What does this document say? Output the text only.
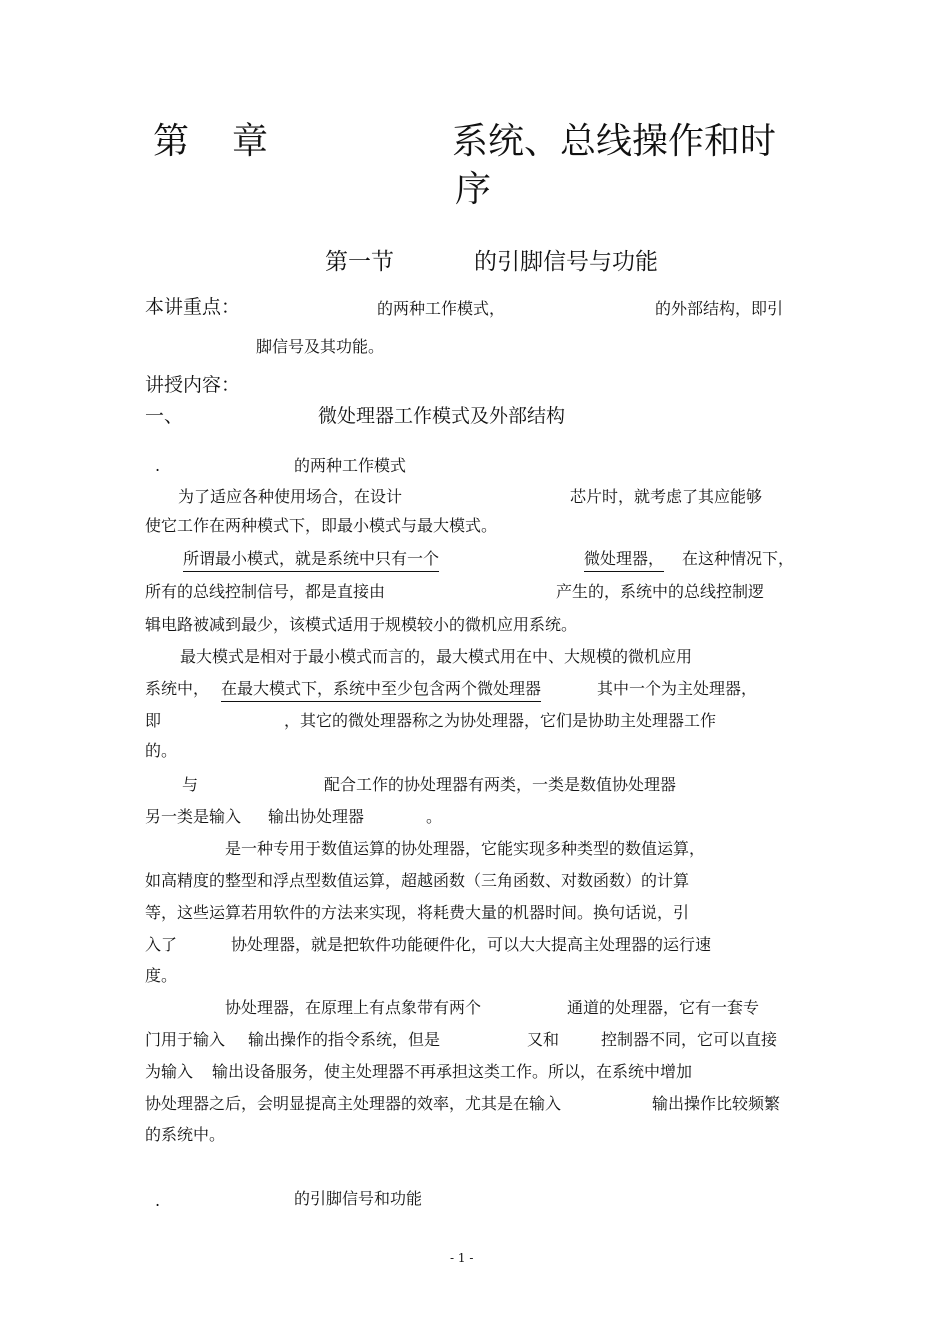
第 章	系统、总线操作和时
序
第一节	的引脚信号与功能
本讲重点：	的两种工作模式，	的外部结构，即引
脚信号及其功能。
讲授内容：
一、	微处理器工作模式及外部结构
.	的两种工作模式
为了适应各种使用场合，在设计	芯片时，就考虑了其应能够
使它工作在两种模式下，即最小模式与最大模式。
所谓最小模式，就是系统中只有一个	微处理器， 在这种情况下，
所有的总线控制信号，都是直接由	产生的，系统中的总线控制逻
辑电路被减到最少，该模式适用于规模较小的微机应用系统。
最大模式是相对于最小模式而言的，最大模式用在中、大规模的微机应用
系统中， 在最大模式下，系统中至少包含两个微处理器	其中一个为主处理器，
即	，其它的微处理器称之为协处理器，它们是协助主处理器工作
的。
与	配合工作的协处理器有两类，一类是数值协处理器
另一类是输入 输出协处理器	。
是一种专用于数值运算的协处理器，它能实现多种类型的数值运算，
如高精度的整型和浮点型数值运算，超越函数（三角函数、对数函数）的计算
等，这些运算若用软件的方法来实现，将耗费大量的机器时间。换句话说，引
入了	协处理器，就是把软件功能硬件化，可以大大提高主处理器的运行速
度。
协处理器，在原理上有点象带有两个	通道的处理器，它有一套专
门用于输入 输出操作的指令系统，但是	又和	控制器不同，它可以直接
为输入 输出设备服务，使主处理器不再承担这类工作。所以，在系统中增加
协处理器之后，会明显提高主处理器的效率，尤其是在输入	输出操作比较频繁
的系统中。
.	的引脚信号和功能
- 1 -
